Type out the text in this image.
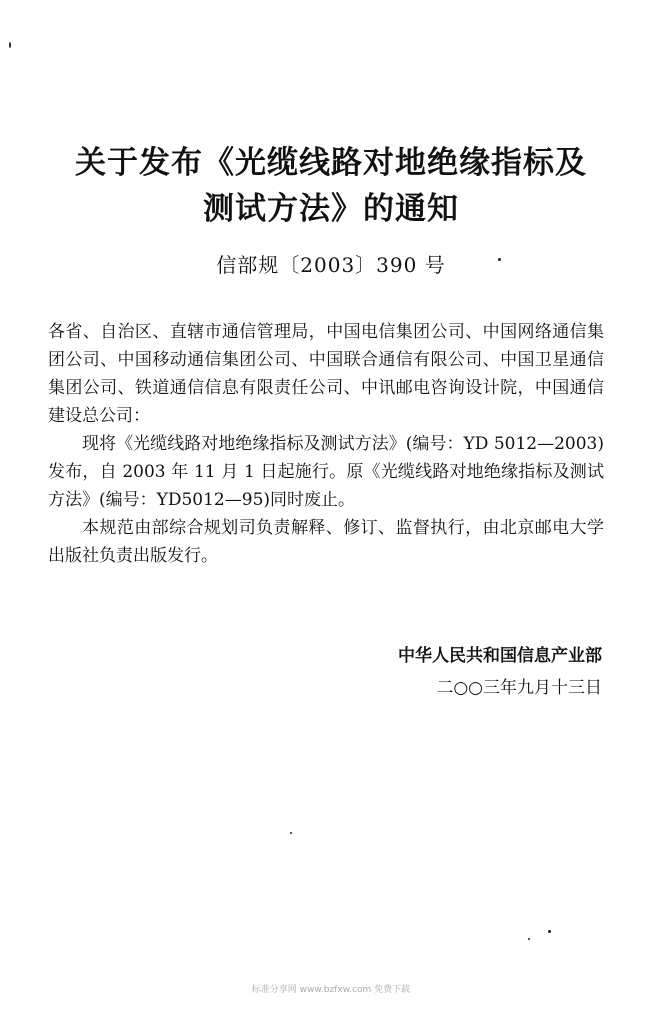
关于发布《光缆线路对地绝缘指标及
测试方法》的通知
信部规〔2003〕390 号

各省、自治区、直辖市通信管理局，中国电信集团公司、中国网络通信集团公司、中国移动通信集团公司、中国联合通信有限公司、中国卫星通信集团公司、铁道通信信息有限责任公司、中讯邮电咨询设计院，中国通信建设总公司：

现将《光缆线路对地绝缘指标及测试方法》(编号：YD 5012—2003)发布，自 2003 年 11 月 1 日起施行。原《光缆线路对地绝缘指标及测试方法》(编号：YD5012—95)同时废止。

本规范由部综合规划司负责解释、修订、监督执行，由北京邮电大学出版社负责出版发行。

中华人民共和国信息产业部
二○○三年九月十三日
标准分享网 www.bzfxw.com 免费下载
